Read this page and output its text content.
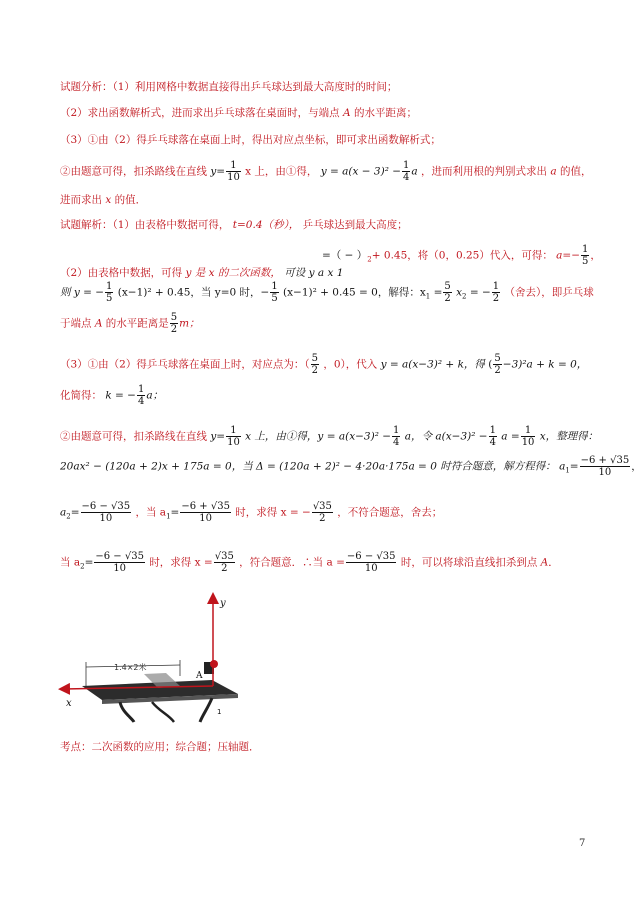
试题分析：（1）利用网格中数据直接得出乒乓球达到最大高度时的时间；
（2）求出函数解析式，进而求出乒乓球落在桌面时，与端点 A 的水平距离；
（3）①由（2）得乒乓球落在桌面上时，得出对应点坐标，即可求出函数解析式；
②由题意可得，扣杀路线在直线 $y= \frac{1}{10}$ x 上，由①得， $y = a(x - 3)^2 - \frac{1}{4}$ a ，进而利用根的判别式求出 a 的值，
进而求出 x 的值．
试题解析：（1）由表格中数据可得， t=0.4（秒）， 乒乓球达到最大高度；
=（ − ）$_2+ 0.45$，将（0，0.25）代入，可得： $a=- \frac{1}{5}$ ，
（2）由表格中数据，可得 y 是 x 的二次函数， 可设 y a x 1
则 y = − $\frac{1}{5} (x-1)^2 + 0.45$，当 y=0 时，− $\frac{1}{5} (x-1)^2 + 0.45 = 0$，解得：$x_1 = \frac{5}{2} x_2$ = − $\frac{1}{2}$ （舍去），即乒乓球
于端点 A 的水平距离是 $\frac{5}{2}$ m；
（3）①由（2）得乒乓球落在桌面上时，对应点为：（ $\frac{5}{2}$ ，0），代入 y = a(x−3)² + k，得 ( $\frac{5}{2} -3)^2a + k = 0$，
化简得： k = − $\frac{1}{4}$ a；
②由题意可得，扣杀路线在直线 $y= \frac{1}{10}$ x 上，由①得，$y = a(x-3)^2 - \frac{1}{4}$ a，令 $a(x-3)^2 - \frac{1}{4}$ $a = \frac{1}{10}$ x，整理得：
20ax² − (120a + 2)x + 175a = 0，当 Δ = (120a + 2)² − 4·20a·175a = 0 时符合题意，解方程得： $a_1= \frac{-6 + √35}{10}$ ，
$a_2= \frac{-6 - √35}{10}$ ，当 $a_1= \frac{-6 + √35}{10}$ 时，求得 x = − $\frac{√35}{2}$ ，不符合题意，舍去；
当 $a_2= \frac{-6 - √35}{10}$ 时，求得 $x = \frac{√35}{2}$ ，符合题意．∴当 $a = \frac{-6 - √35}{10}$ 时，可以将球沿直线扣杀到点 A．
1.4×2米
y
x
A
1
考点：二次函数的应用；综合题；压轴题．
7
